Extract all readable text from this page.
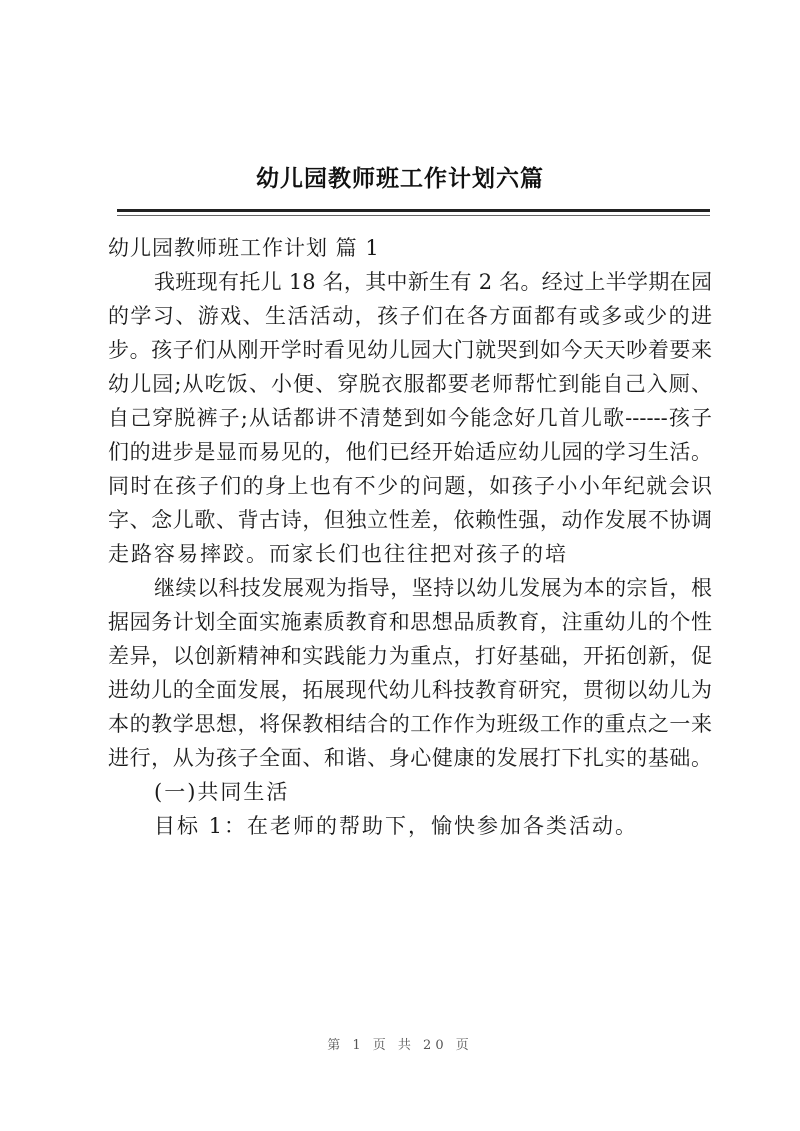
幼儿园教师班工作计划六篇
幼儿园教师班工作计划 篇 1
我班现有托儿 18 名，其中新生有 2 名。经过上半学期在园
的学习、游戏、生活活动，孩子们在各方面都有或多或少的进
步。孩子们从刚开学时看见幼儿园大门就哭到如今天天吵着要来
幼儿园;从吃饭、小便、穿脱衣服都要老师帮忙到能自己入厕、
自己穿脱裤子;从话都讲不清楚到如今能念好几首儿歌------孩子
们的进步是显而易见的，他们已经开始适应幼儿园的学习生活。
同时在孩子们的身上也有不少的问题，如孩子小小年纪就会识
字、念儿歌、背古诗，但独立性差，依赖性强，动作发展不协调
走路容易摔跤。而家长们也往往把对孩子的培
继续以科技发展观为指导，坚持以幼儿发展为本的宗旨，根
据园务计划全面实施素质教育和思想品质教育，注重幼儿的个性
差异，以创新精神和实践能力为重点，打好基础，开拓创新，促
进幼儿的全面发展，拓展现代幼儿科技教育研究，贯彻以幼儿为
本的教学思想，将保教相结合的工作作为班级工作的重点之一来
进行，从为孩子全面、和谐、身心健康的发展打下扎实的基础。
(一)共同生活
目标 1：在老师的帮助下，愉快参加各类活动。
第 1 页 共 20 页
